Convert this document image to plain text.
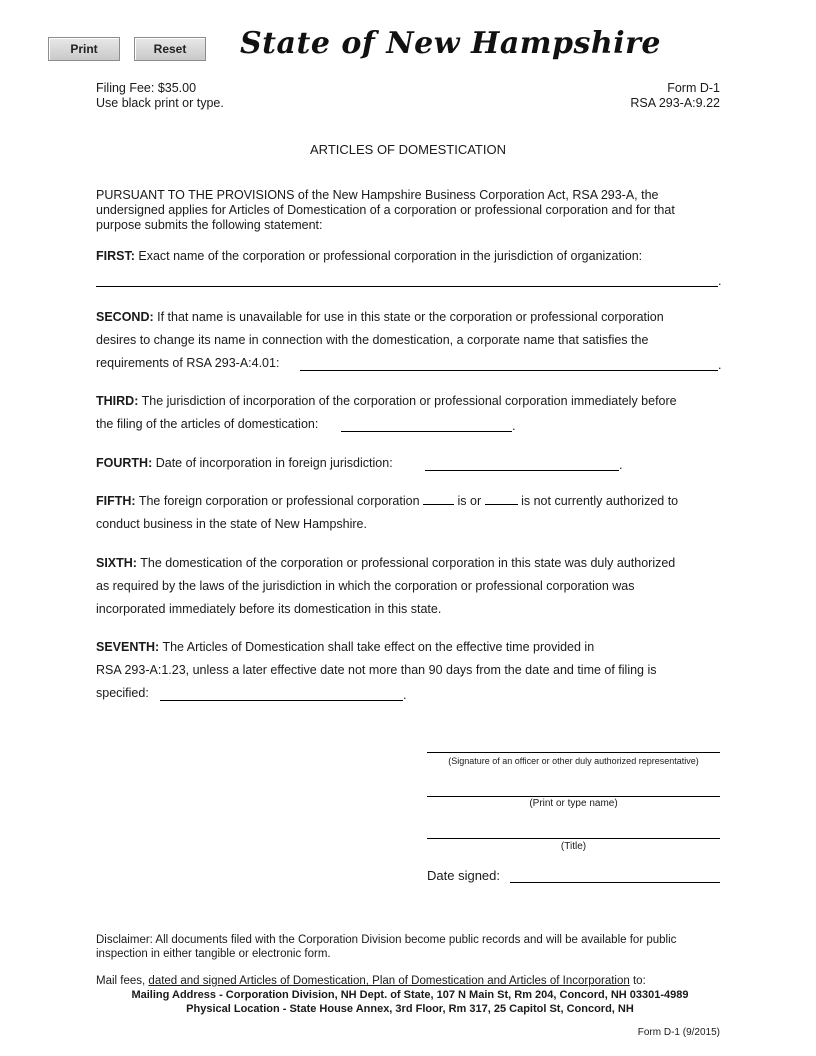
Print	Reset	State of New Hampshire
Filing Fee: $35.00
Use black print or type.
Form D-1
RSA 293-A:9.22
ARTICLES OF DOMESTICATION
PURSUANT TO THE PROVISIONS of the New Hampshire Business Corporation Act, RSA 293-A, the undersigned applies for Articles of Domestication of a corporation or professional corporation and for that purpose submits the following statement:
FIRST: Exact name of the corporation or professional corporation in the jurisdiction of organization:
.
SECOND: If that name is unavailable for use in this state or the corporation or professional corporation
desires to change its name in connection with the domestication, a corporate name that satisfies the
requirements of RSA 293-A:4.01:	.
THIRD: The jurisdiction of incorporation of the corporation or professional corporation immediately before
the filing of the articles of domestication:	.
FOURTH: Date of incorporation in foreign jurisdiction:	.
FIFTH: The foreign corporation or professional corporation	is or	is not currently authorized to
conduct business in the state of New Hampshire.
SIXTH: The domestication of the corporation or professional corporation in this state was duly authorized
as required by the laws of the jurisdiction in which the corporation or professional corporation was
incorporated immediately before its domestication in this state.
SEVENTH: The Articles of Domestication shall take effect on the effective time provided in
RSA 293-A:1.23, unless a later effective date not more than 90 days from the date and time of filing is
specified:	.
(Signature of an officer or other duly authorized representative)
(Print or type name)
(Title)
Date signed:
Disclaimer: All documents filed with the Corporation Division become public records and will be available for public inspection in either tangible or electronic form.
Mail fees, dated and signed Articles of Domestication, Plan of Domestication and Articles of Incorporation to:
Mailing Address - Corporation Division, NH Dept. of State, 107 N Main St, Rm 204, Concord, NH 03301-4989
Physical Location - State House Annex, 3rd Floor, Rm 317, 25 Capitol St, Concord, NH
Form D-1 (9/2015)
